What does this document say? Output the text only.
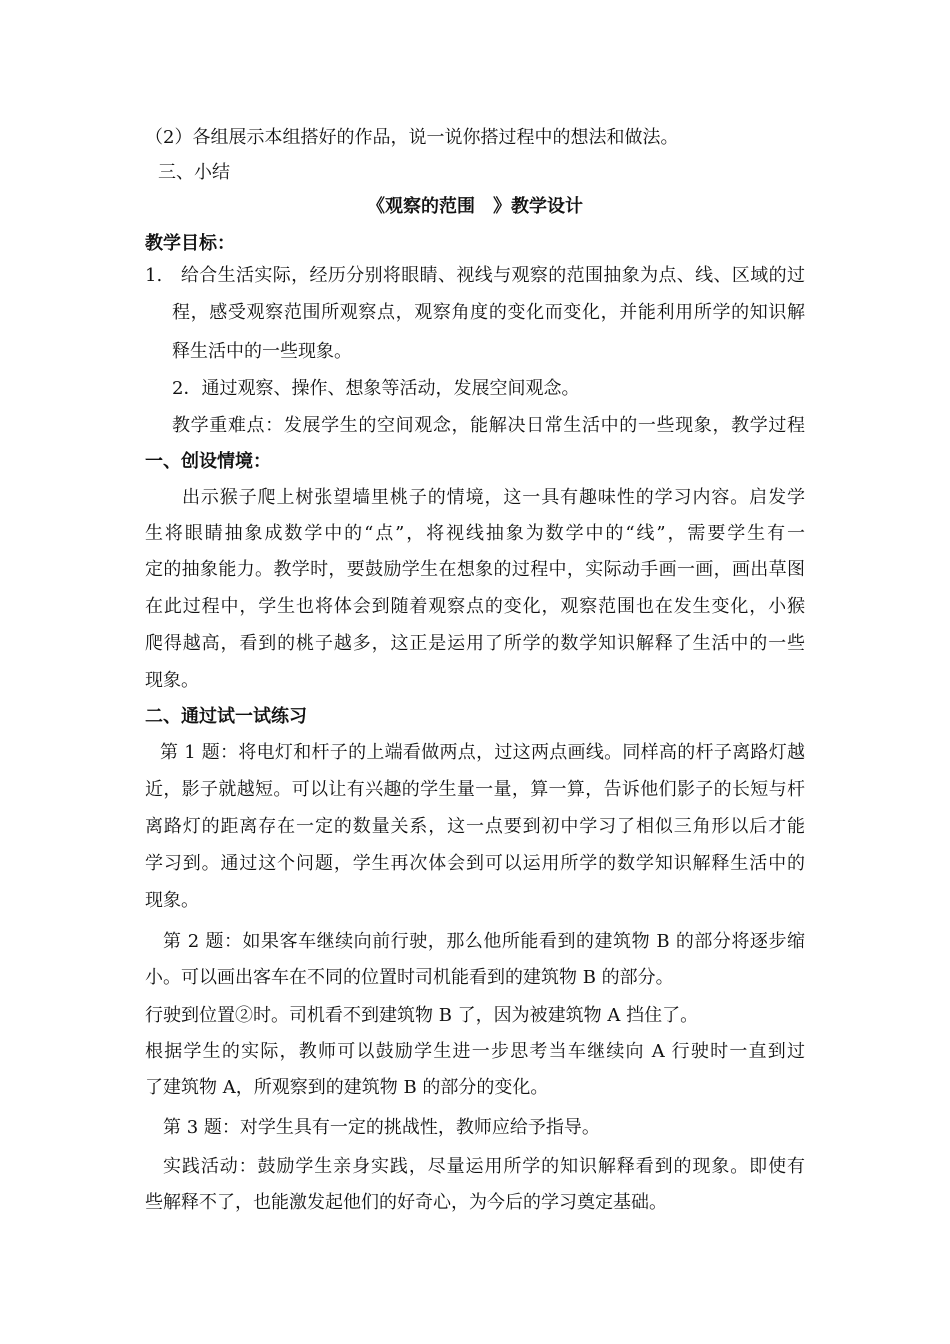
（2）各组展示本组搭好的作品，说一说你搭过程中的想法和做法。
三、小结
《观察的范围　》教学设计
教学目标：
1.　给合生活实际，经历分别将眼睛、视线与观察的范围抽象为点、线、区域的过
程，感受观察范围所观察点，观察角度的变化而变化，并能利用所学的知识解
释生活中的一些现象。
2．通过观察、操作、想象等活动，发展空间观念。
教学重难点：发展学生的空间观念，能解决日常生活中的一些现象，教学过程
一、创设情境：
出示猴子爬上树张望墙里桃子的情境，这一具有趣味性的学习内容。启发学
生将眼睛抽象成数学中的“点”，将视线抽象为数学中的“线”，需要学生有一
定的抽象能力。教学时，要鼓励学生在想象的过程中，实际动手画一画，画出草图
在此过程中，学生也将体会到随着观察点的变化，观察范围也在发生变化，小猴
爬得越高，看到的桃子越多，这正是运用了所学的数学知识解释了生活中的一些
现象。
二、通过试一试练习
第 1 题：将电灯和杆子的上端看做两点，过这两点画线。同样高的杆子离路灯越
近，影子就越短。可以让有兴趣的学生量一量，算一算，告诉他们影子的长短与杆
离路灯的距离存在一定的数量关系，这一点要到初中学习了相似三角形以后才能
学习到。通过这个问题，学生再次体会到可以运用所学的数学知识解释生活中的
现象。
第 2 题：如果客车继续向前行驶，那么他所能看到的建筑物 B 的部分将逐步缩
小。可以画出客车在不同的位置时司机能看到的建筑物 B 的部分。
行驶到位置②时。司机看不到建筑物 B 了，因为被建筑物 A 挡住了。
根据学生的实际，教师可以鼓励学生进一步思考当车继续向 A 行驶时一直到过
了建筑物 A，所观察到的建筑物 B 的部分的变化。
第 3 题：对学生具有一定的挑战性，教师应给予指导。
实践活动：鼓励学生亲身实践，尽量运用所学的知识解释看到的现象。即使有
些解释不了，也能激发起他们的好奇心，为今后的学习奠定基础。
